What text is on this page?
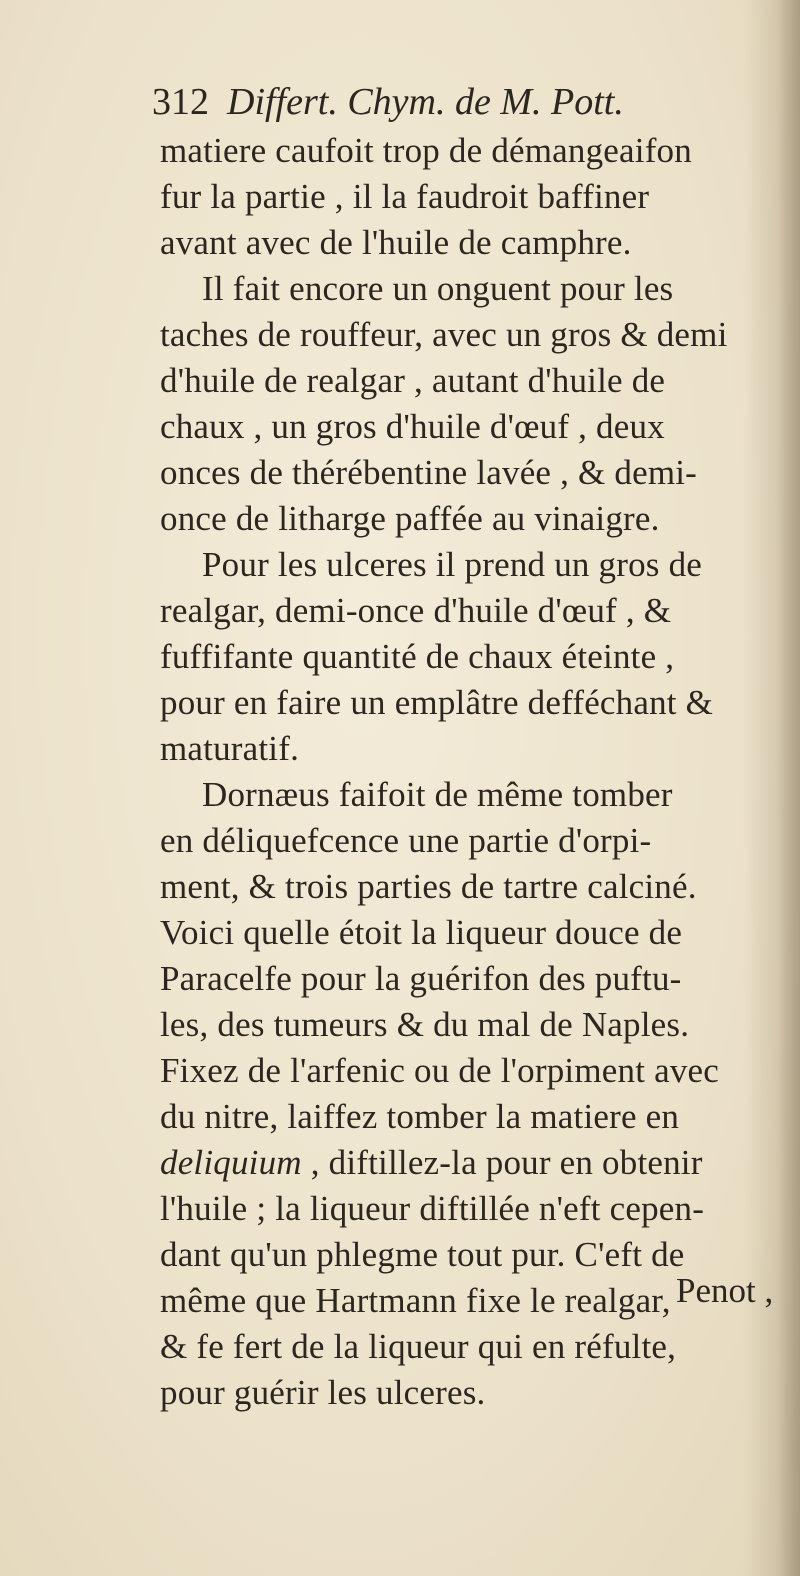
312 Differt. Chym. de M. Pott.
matiere caufoit trop de démangeaifon
fur la partie , il la faudroit baffiner
avant avec de l'huile de camphre.
Il fait encore un onguent pour les
taches de rouffeur, avec un gros & demi
d'huile de realgar , autant d'huile de
chaux , un gros d'huile d'œuf , deux
onces de thérébentine lavée , & demi-
once de litharge paffée au vinaigre.
Pour les ulceres il prend un gros de
realgar, demi-once d'huile d'œuf , &
fuffifante quantité de chaux éteinte ,
pour en faire un emplâtre defféchant &
maturatif.
Dornæus faifoit de même tomber
en déliquefcence une partie d'orpi-
ment, & trois parties de tartre calciné.
Voici quelle étoit la liqueur douce de
Paracelfe pour la guérifon des puftu-
les, des tumeurs & du mal de Naples.
Fixez de l'arfenic ou de l'orpiment avec
du nitre, laiffez tomber la matiere en
deliquium , diftillez-la pour en obtenir
l'huile ; la liqueur diftillée n'eft cepen-
dant qu'un phlegme tout pur. C'eft de
même que Hartmann fixe le realgar,
& fe fert de la liqueur qui en réfulte,
pour guérir les ulceres.
Penot ,
